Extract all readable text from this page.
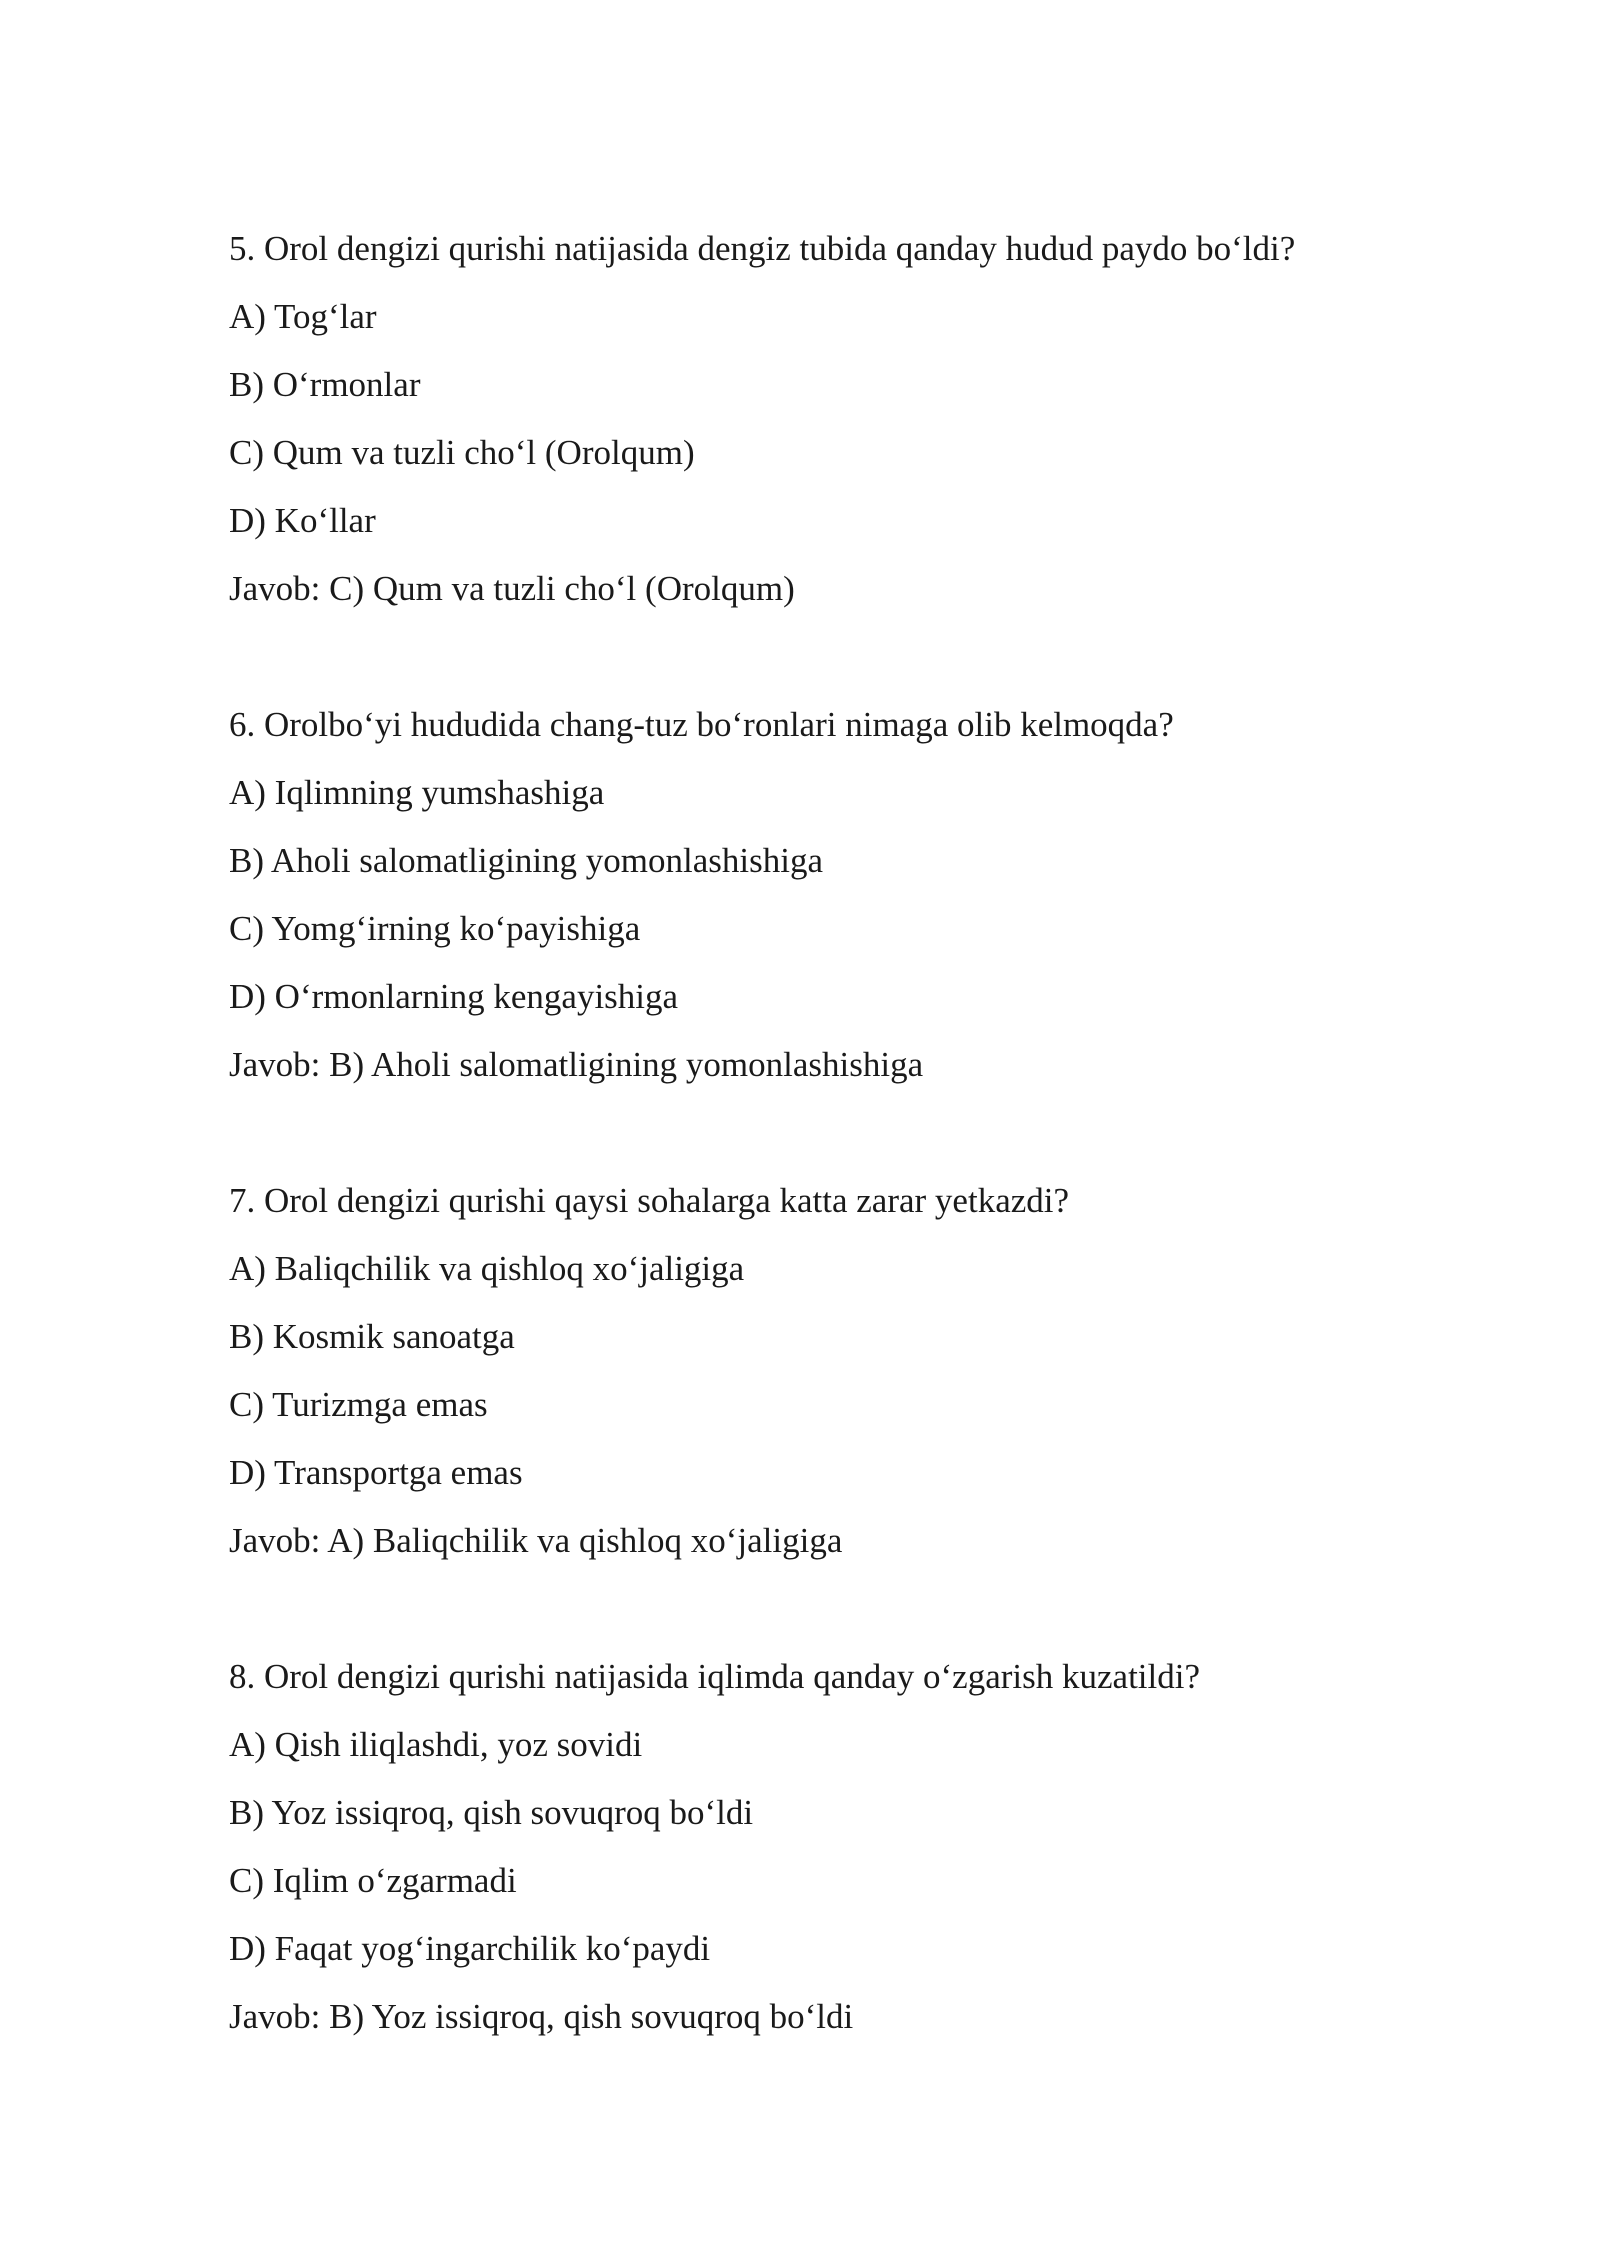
5. Orol dengizi qurishi natijasida dengiz tubida qanday hudud paydo bo‘ldi?
A) Tog‘lar
B) O‘rmonlar
C) Qum va tuzli cho‘l (Orolqum)
D) Ko‘llar
Javob: C) Qum va tuzli cho‘l (Orolqum)
6. Orolbo‘yi hududida chang-tuz bo‘ronlari nimaga olib kelmoqda?
A) Iqlimning yumshashiga
B) Aholi salomatligining yomonlashishiga
C) Yomg‘irning ko‘payishiga
D) O‘rmonlarning kengayishiga
Javob: B) Aholi salomatligining yomonlashishiga
7. Orol dengizi qurishi qaysi sohalarga katta zarar yetkazdi?
A) Baliqchilik va qishloq xo‘jaligiga
B) Kosmik sanoatga
C) Turizmga emas
D) Transportga emas
Javob: A) Baliqchilik va qishloq xo‘jaligiga
8. Orol dengizi qurishi natijasida iqlimda qanday o‘zgarish kuzatildi?
A) Qish iliqlashdi, yoz sovidi
B) Yoz issiqroq, qish sovuqroq bo‘ldi
C) Iqlim o‘zgarmadi
D) Faqat yog‘ingarchilik ko‘paydi
Javob: B) Yoz issiqroq, qish sovuqroq bo‘ldi
